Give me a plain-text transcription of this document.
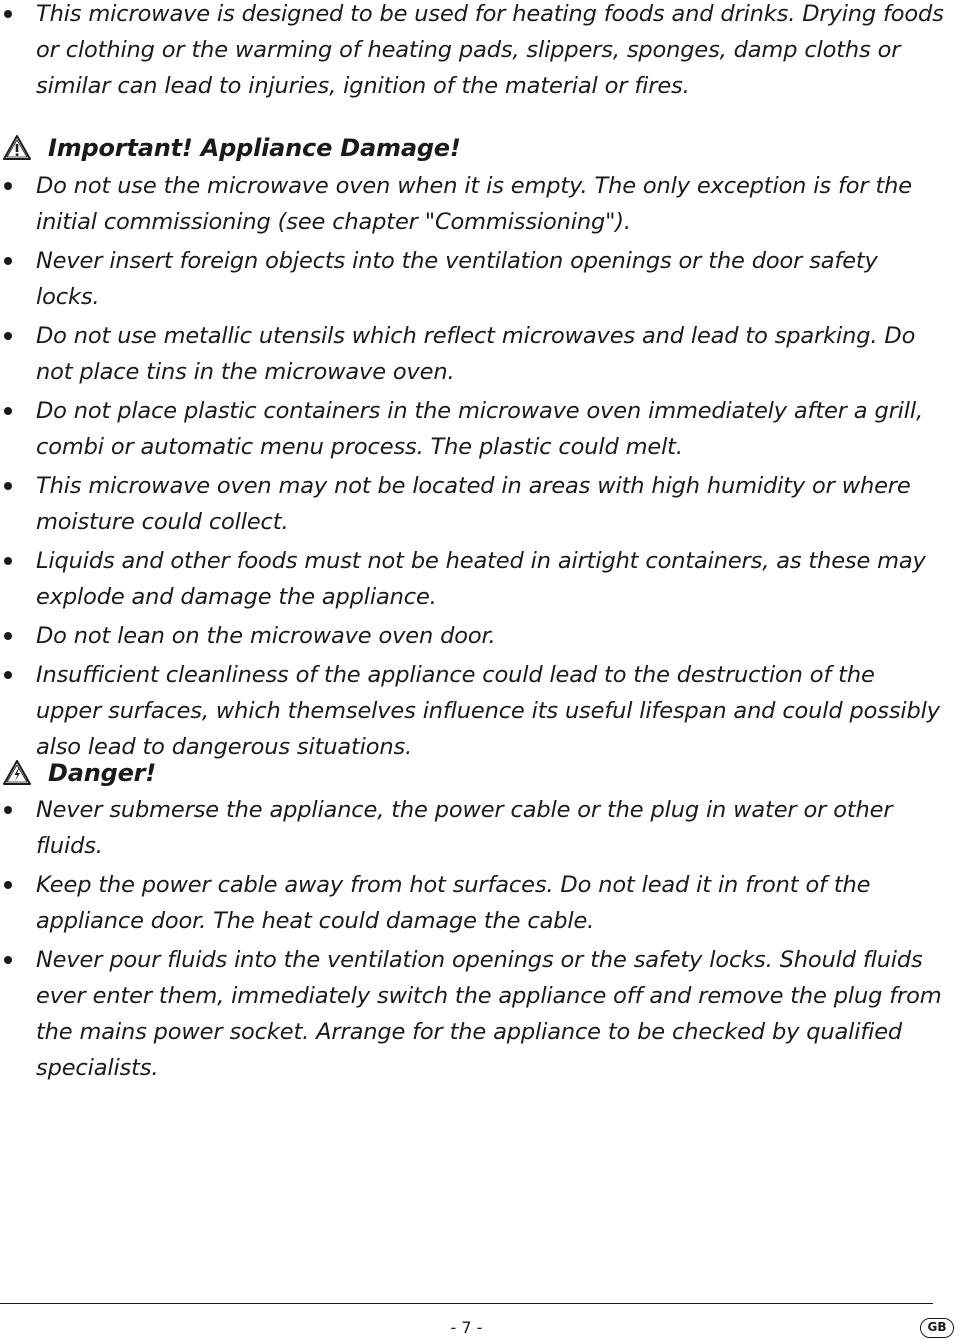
This microwave is designed to be used for heating foods and drinks. Drying foods or clothing or the warming of heating pads, slippers, sponges, damp cloths or similar can lead to injuries, ignition of the material or fires.
Important! Appliance Damage!
Do not use the microwave oven when it is empty. The only exception is for the initial commissioning (see chapter "Commissioning").
Never insert foreign objects into the ventilation openings or the door safety locks.
Do not use metallic utensils which reflect microwaves and lead to sparking. Do not place tins in the microwave oven.
Do not place plastic containers in the microwave oven immediately after a grill, combi or automatic menu process. The plastic could melt.
This microwave oven may not be located in areas with high humidity or where moisture could collect.
Liquids and other foods must not be heated in airtight containers, as these may explode and damage the appliance.
Do not lean on the microwave oven door.
Insufficient cleanliness of the appliance could lead to the destruction of the upper surfaces, which themselves influence its useful lifespan and could possibly also lead to dangerous situations.
Danger!
Never submerse the appliance, the power cable or the plug in water or other fluids.
Keep the power cable away from hot surfaces. Do not lead it in front of the appliance door. The heat could damage the cable.
Never pour fluids into the ventilation openings or the safety locks. Should fluids ever enter them, immediately switch the appliance off and remove the plug from the mains power socket. Arrange for the appliance to be checked by qualified specialists.
- 7 -	GB
